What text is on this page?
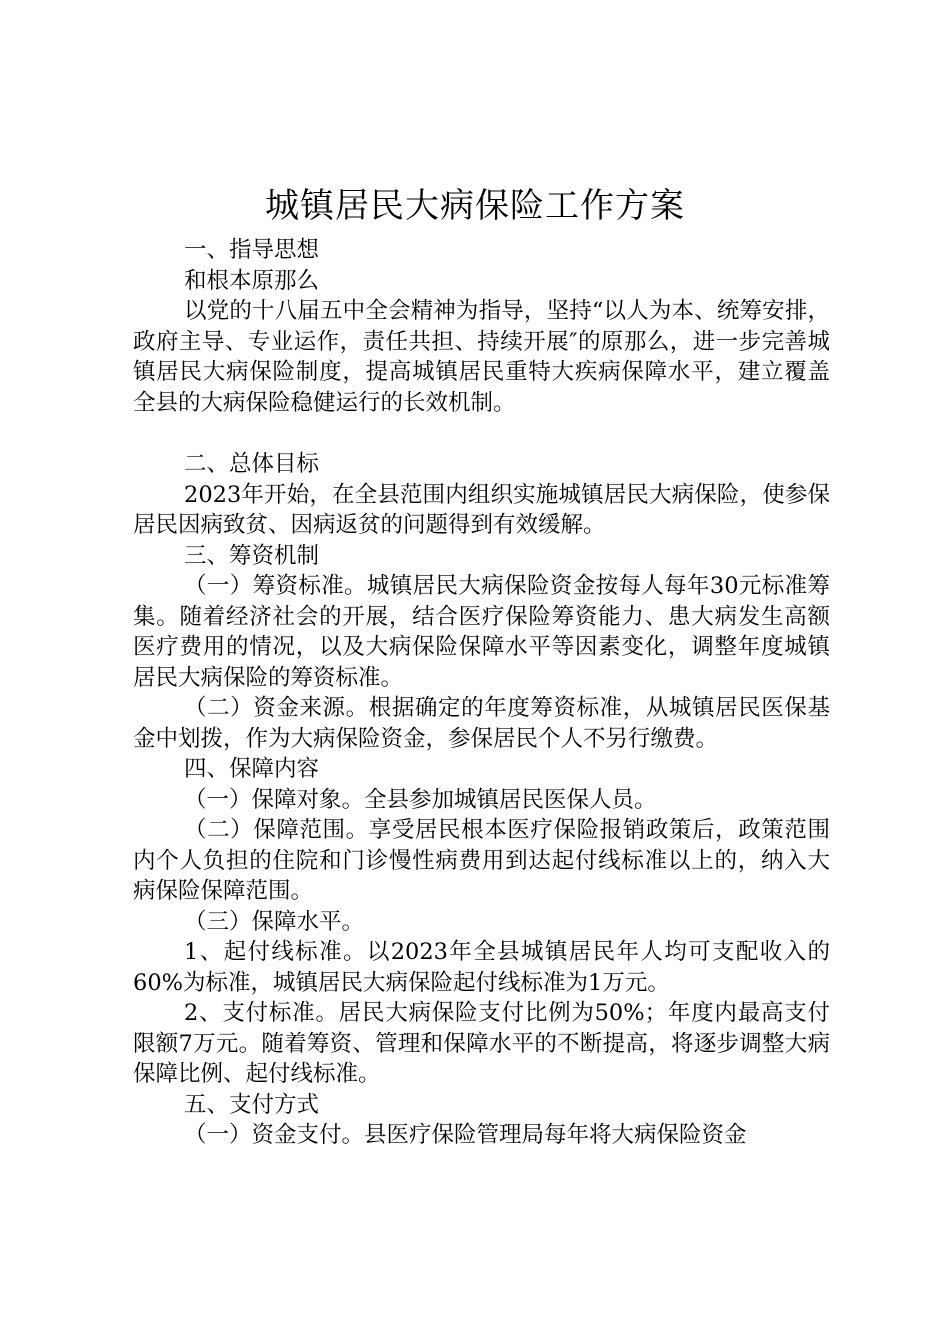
城镇居民大病保险工作方案

一、指导思想

和根本原那么

以党的十八届五中全会精神为指导，坚持“以人为本、统筹安排，政府主导、专业运作，责任共担、持续开展″的原那么，进一步完善城镇居民大病保险制度，提高城镇居民重特大疾病保障水平，建立覆盖全县的大病保险稳健运行的长效机制。

二、总体目标

2023年开始，在全县范围内组织实施城镇居民大病保险，使参保居民因病致贫、因病返贫的问题得到有效缓解。

三、筹资机制

（一）筹资标准。城镇居民大病保险资金按每人每年30元标准筹集。随着经济社会的开展，结合医疗保险筹资能力、患大病发生高额医疗费用的情况，以及大病保险保障水平等因素变化，调整年度城镇居民大病保险的筹资标准。

（二）资金来源。根据确定的年度筹资标准，从城镇居民医保基金中划拨，作为大病保险资金，参保居民个人不另行缴费。

四、保障内容

（一）保障对象。全县参加城镇居民医保人员。

（二）保障范围。享受居民根本医疗保险报销政策后，政策范围内个人负担的住院和门诊慢性病费用到达起付线标准以上的，纳入大病保险保障范围。

（三）保障水平。

1、起付线标准。以2023年全县城镇居民年人均可支配收入的60%为标准，城镇居民大病保险起付线标准为1万元。

2、支付标准。居民大病保险支付比例为50%；年度内最高支付限额7万元。随着筹资、管理和保障水平的不断提高，将逐步调整大病保障比例、起付线标准。

五、支付方式

（一）资金支付。县医疗保险管理局每年将大病保险资金
